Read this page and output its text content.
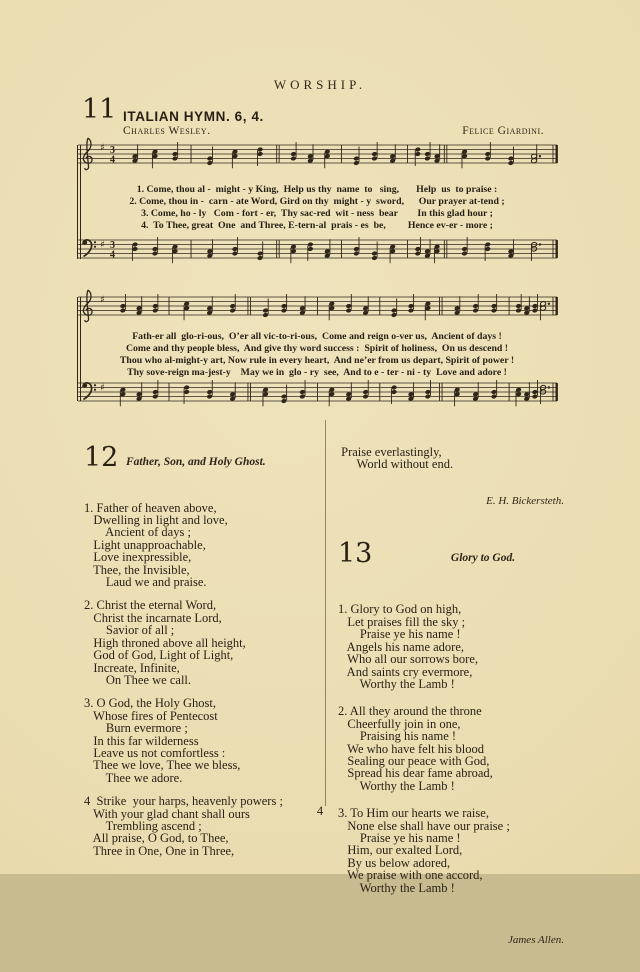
WORSHIP.
11 ITALIAN HYMN. 6, 4.
Charles Wesley.	Felice Giardini.
♯ 3
4
1. Come, thou al -  might - y King,  Help us thy  name  to   sing,       Help  us  to praise :
2. Come, thou in -  carn - ate Word, Gird on thy  might - y  sword,      Our prayer at-tend ;
3. Come, ho - ly   Com - fort - er,  Thy sac-red  wit - ness  bear        In this glad hour ;
4.  To Thee, great  One  and Three, E-tern-al  prais - es  be,         Hence ev-er - more ;
♯ 3
4
♯
Fath-er all  glo-ri-ous,  O’er all vic-to-ri-ous,  Come and reign o-ver us,  Ancient of days !
Come and thy people bless,  And give thy word success :  Spirit of holiness,  On us descend !
Thou who al-might-y art, Now rule in every heart,  And ne’er from us depart, Spirit of power !
Thy sove-reign ma-jest-y    May we in  glo - ry  see,  And to e - ter - ni - ty  Love and adore !
♯

12

Father, Son, and Holy Ghost.

1. Father of heaven above,
Dwelling in light and love,
Ancient of days ;
Light unapproachable,
Love inexpressible,
Thee, the Invisible,
Laud we and praise.
2. Christ the eternal Word,
Christ the incarnate Lord,
Savior of all ;
High throned above all height,
God of God, Light of Light,
Increate, Infinite,
On Thee we call.
3. O God, the Holy Ghost,
Whose fires of Pentecost
Burn evermore ;
In this far wilderness
Leave us not comfortless :
Thee we love, Thee we bless,
Thee we adore.
4  Strike  your harps, heavenly powers ;
With your glad chant shall ours
Trembling ascend ;
All praise, O God, to Thee,
Three in One, One in Three,

Praise everlastingly,
World without end.

E. H. Bickersteth.

13

	Glory to God.

1. Glory to God on high,
Let praises fill the sky ;
Praise ye his name !
Angels his name adore,
Who all our sorrows bore,
And saints cry evermore,
Worthy the Lamb !
2. All they around the throne
Cheerfully join in one,
Praising his name !
We who have felt his blood
Sealing our peace with God,
Spread his dear fame abroad,
Worthy the Lamb !
3. To Him our hearts we raise,
None else shall have our praise ;
Praise ye his name !
Him, our exalted Lord,
By us below adored,
We praise with one accord,
Worthy the Lamb !

James Allen.

4
